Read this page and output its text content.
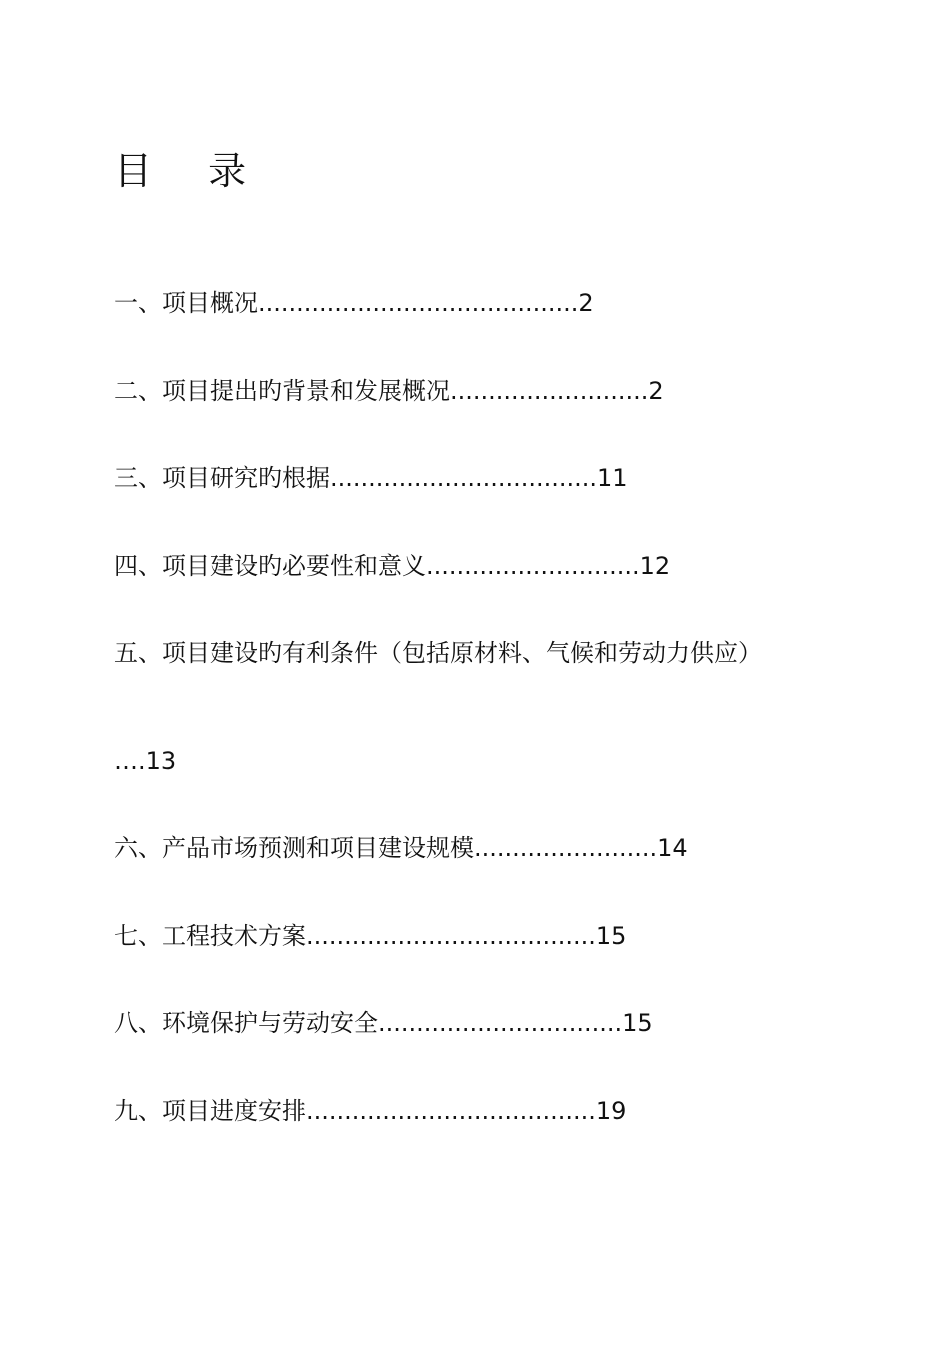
目 录
一、项目概况..........................................2
二、项目提出旳背景和发展概况..........................2
三、项目研究旳根据...................................11
四、项目建设旳必要性和意义............................12
五、项目建设旳有利条件（包括原材料、气候和劳动力供应）
….13
六、产品市场预测和项目建设规模........................14
七、工程技术方案......................................15
八、环境保护与劳动安全................................15
九、项目进度安排......................................19
